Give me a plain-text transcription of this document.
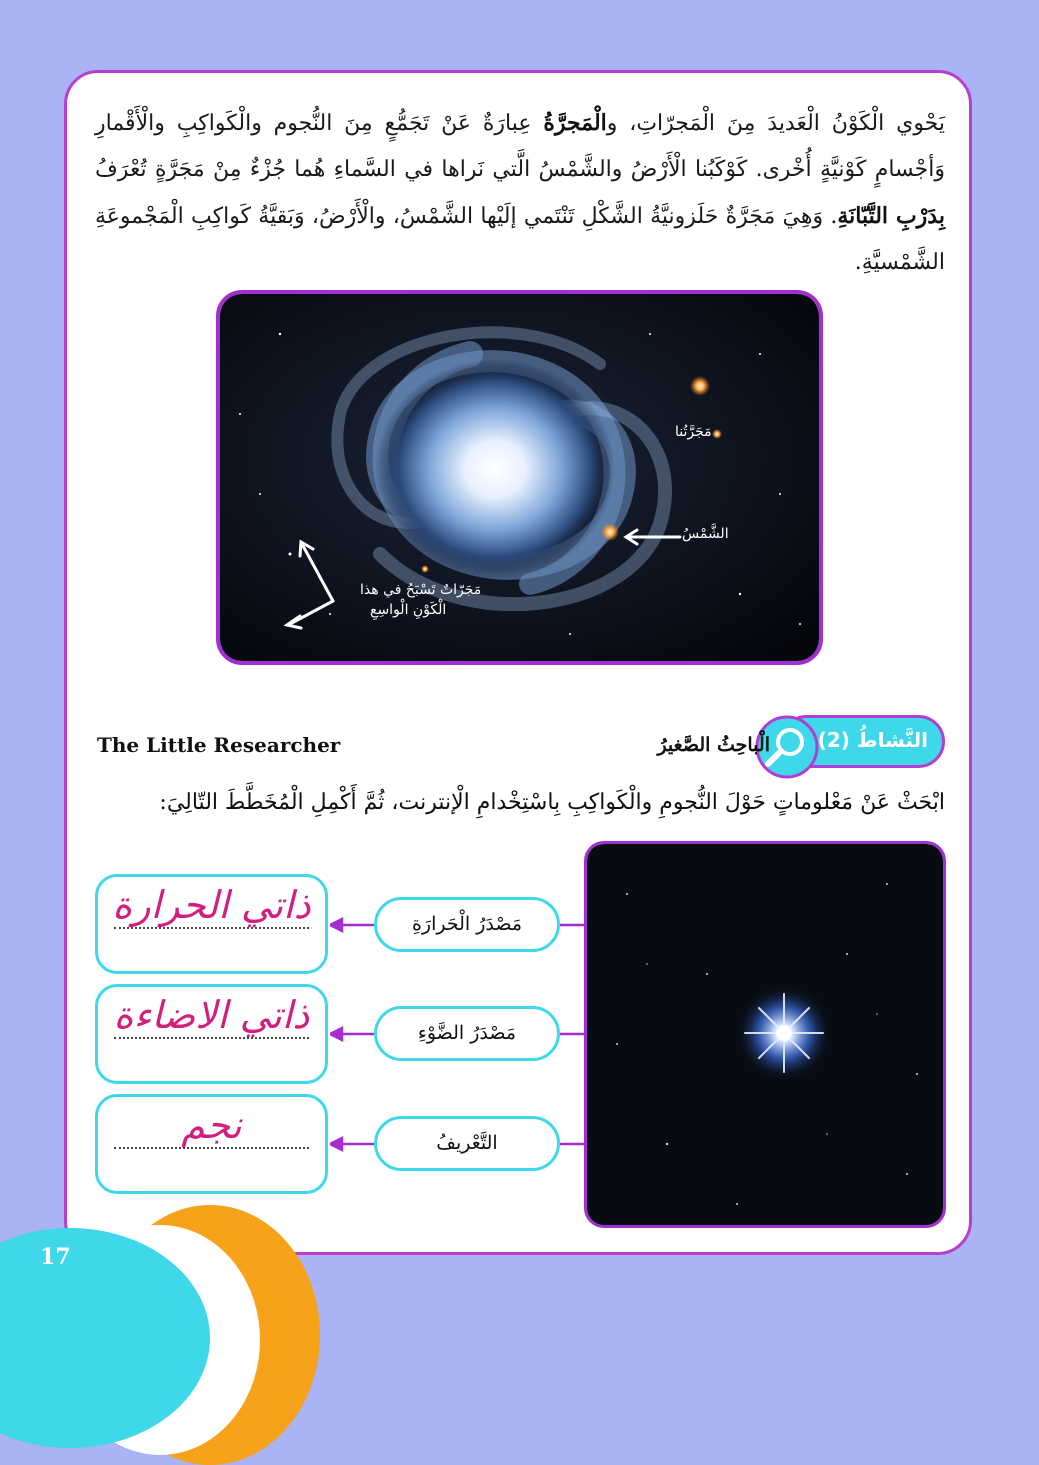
يَحْوي الْكَوْنُ الْعَديدَ مِنَ الْمَجرّاتِ، والْمَجرَّةُ عِبارَةٌ عَنْ تَجَمُّعٍ مِنَ النُّجوم والْكَواكِبِ والْأَقْمارِ وَأجْسامٍ كَوْنيَّةٍ أُخْرى. كَوْكَبُنا الْأَرْضُ والشَّمْسُ الَّتي نَراها في السَّماءِ هُما جُزْءٌ مِنْ مَجَرَّةٍ تُعْرَفُ بِدَرْبِ التَّبّانَةِ. وَهِيَ مَجَرَّةٌ حَلَزونيَّةُ الشَّكْلِ تَنْتَمي إلَيْها الشَّمْسُ، والْأَرْضُ، وَبَقيَّةُ كَواكِبِ الْمَجْموعَةِ الشَّمْسيَّةِ.
مَجَرَّتُنا
الشَّمْسُ
مَجَرّاتٌ تَسْبَحُ في هذا
الْكَوْنِ الْواسِعِ
The Little Researcher	النَّشاطُ (2)
الْباحِثُ الصَّغيرُ
ابْحَثْ عَنْ مَعْلوماتٍ حَوْلَ النُّجومِ والْكَواكِبِ بِاسْتِخْدامِ الْإنترنت، ثُمَّ أَكْمِلِ الْمُخَطَّطَ التّالِيَ:
مَصْدَرُ الْحَرارَةِ
مَصْدَرُ الضَّوْءِ
التَّعْريفُ
ذاتي الحرارة
ذاتي الاضاءة
نجم
17
